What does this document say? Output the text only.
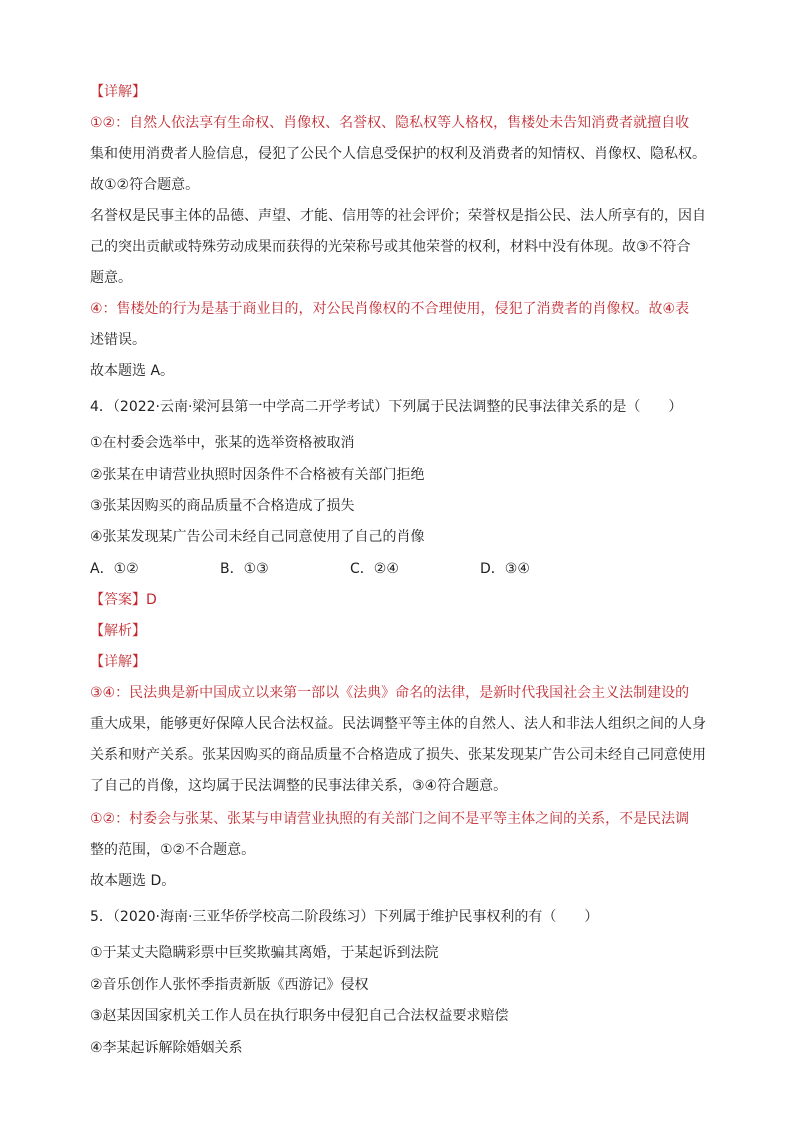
【详解】
①②：自然人依法享有生命权、肖像权、名誉权、隐私权等人格权，售楼处未告知消费者就擅自收
集和使用消费者人脸信息，侵犯了公民个人信息受保护的权利及消费者的知情权、肖像权、隐私权。
故①②符合题意。
名誉权是民事主体的品德、声望、才能、信用等的社会评价；荣誉权是指公民、法人所享有的，因自
己的突出贡献或特殊劳动成果而获得的光荣称号或其他荣誉的权利，材料中没有体现。故③不符合
题意。
④：售楼处的行为是基于商业目的，对公民肖像权的不合理使用，侵犯了消费者的肖像权。故④表
述错误。
故本题选 A。
4．（2022·云南·梁河县第一中学高二开学考试）下列属于民法调整的民事法律关系的是（　　）
①在村委会选举中，张某的选举资格被取消
②张某在申请营业执照时因条件不合格被有关部门拒绝
③张某因购买的商品质量不合格造成了损失
④张某发现某广告公司未经自己同意使用了自己的肖像
A．①②	B．①③	C．②④	D．③④
【答案】D
【解析】
【详解】
③④：民法典是新中国成立以来第一部以《法典》命名的法律，是新时代我国社会主义法制建设的
重大成果，能够更好保障人民合法权益。民法调整平等主体的自然人、法人和非法人组织之间的人身
关系和财产关系。张某因购买的商品质量不合格造成了损失、张某发现某广告公司未经自己同意使用
了自己的肖像，这均属于民法调整的民事法律关系，③④符合题意。
①②：村委会与张某、张某与申请营业执照的有关部门之间不是平等主体之间的关系，不是民法调
整的范围，①②不合题意。
故本题选 D。
5．（2020·海南·三亚华侨学校高二阶段练习）下列属于维护民事权利的有（　　）
①于某丈夫隐瞒彩票中巨奖欺骗其离婚，于某起诉到法院
②音乐创作人张怀季指责新版《西游记》侵权
③赵某因国家机关工作人员在执行职务中侵犯自己合法权益要求赔偿
④李某起诉解除婚姻关系
